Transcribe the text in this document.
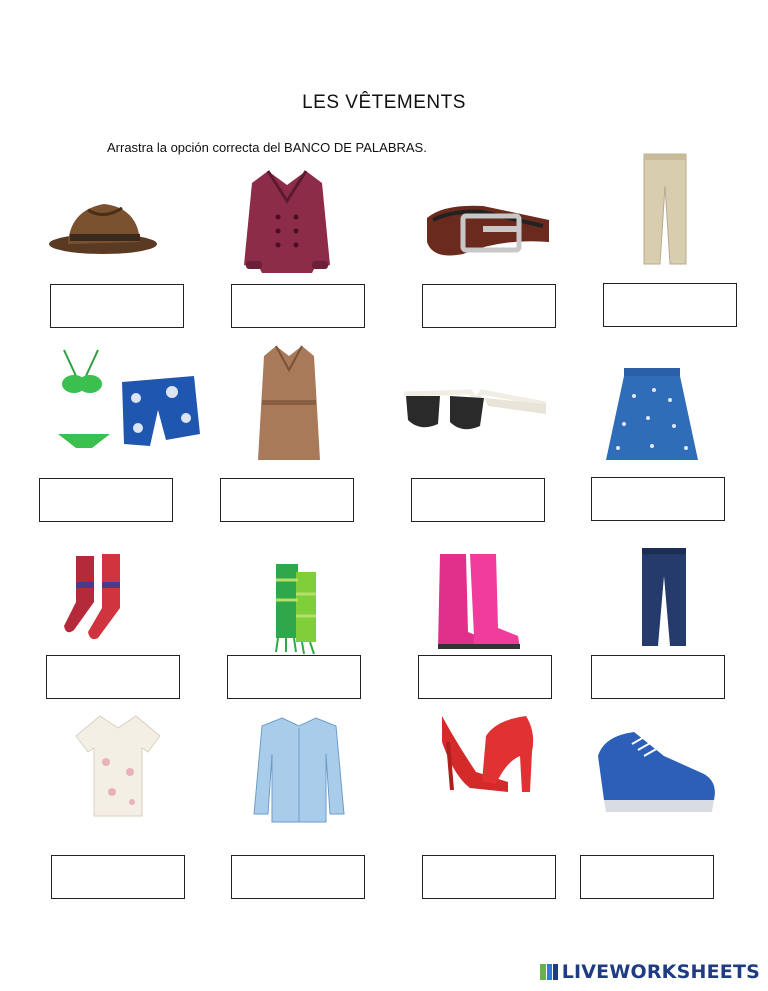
LES VÊTEMENTS
Arrastra la opción correcta del BANCO DE PALABRAS.
LIVEWORKSHEETS
